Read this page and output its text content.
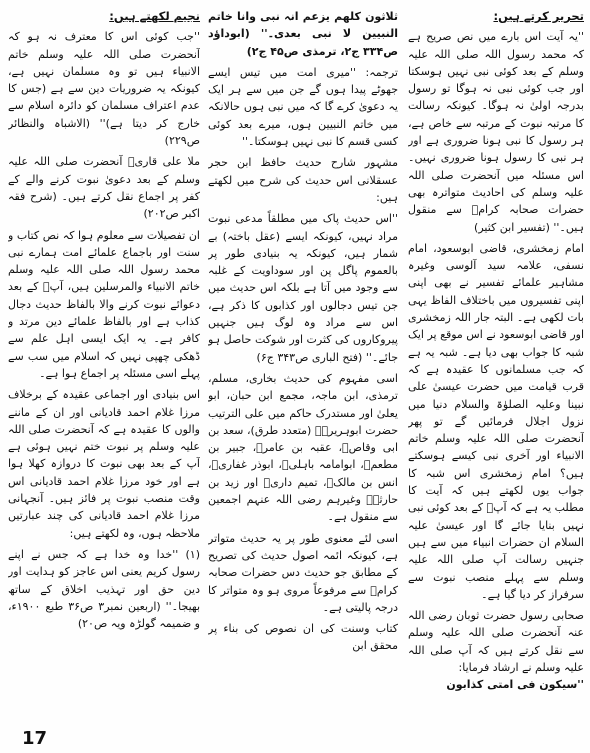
تحریر کرتے ہیں:

''یہ آیت اس بارے میں نص صریح ہے کہ محمد رسول اللہ صلی اللہ علیہ وسلم کے بعد کوئی نبی نہیں ہوسکتا اور جب کوئی نبی نہ ہوگا تو رسول بدرجہ اولیٰ نہ ہوگا۔ کیونکہ رسالت کا مرتبہ نبوت کے مرتبہ سے خاص ہے، ہر رسول کا نبی ہونا ضروری ہے اور ہر نبی کا رسول ہونا ضروری نہیں۔ اس مسئلہ میں آنحضرت صلی اللہ علیہ وسلم کی احادیث متواترہ بھی حضرات صحابہ کرامؓ سے منقول ہیں۔'' (تفسیر ابن کثیر)

امام زمخشری، قاضی ابوسعود، امام نسفی، علامہ سید آلوسی وغیرہ مشاہیر علمائے تفسیر نے بھی اپنی اپنی تفسیروں میں باختلاف الفاظ یہی بات لکھی ہے۔ البتہ جار اللہ زمخشری اور قاضی ابوسعود نے اس موقع پر ایک شبہ کا جواب بھی دیا ہے۔ شبہ یہ ہے کہ جب مسلمانوں کا عقیدہ ہے کہ قرب قیامت میں حضرت عیسیٰ علی نبینا وعلیہ الصلوٰۃ والسلام دنیا میں نزول اجلال فرمائیں گے تو پھر آنحضرت صلی اللہ علیہ وسلم خاتم الانبیاء اور آخری نبی کیسے ہوسکتے ہیں؟ امام زمخشری اس شبہ کا جواب یوں لکھتے ہیں کہ آیت کا مطلب یہ ہے کہ آپؐ کے بعد کوئی نبی نہیں بنایا جائے گا اور عیسیٰ علیہ السلام ان حضرات انبیاء میں سے ہیں جنہیں رسالت آپ صلی اللہ علیہ وسلم سے پہلے منصب نبوت سے سرفراز کر دیا گیا ہے۔

صحابی رسول حضرت ثوبان رضی اللہ عنہ آنحضرت صلی اللہ علیہ وسلم سے نقل کرتے ہیں کہ آپ صلی اللہ علیہ وسلم نے ارشاد فرمایا:

''سیکون فی امتی کذابون

ثلاثون کلھم یزعم انہ نبی وانا خاتم النبیین لا نبی بعدی۔'' (ابوداؤد ص۳۳۴ ج۲، ترمذی ص۴۵ ج۲)

ترجمہ: ''میری امت میں تیس ایسے جھوٹے پیدا ہوں گے جن میں سے ہر ایک یہ دعویٰ کرے گا کہ میں نبی ہوں حالانکہ میں خاتم النبیین ہوں، میرے بعد کوئی کسی قسم کا نبی نہیں ہوسکتا۔''

مشہور شارح حدیث حافظ ابن حجر عسقلانی اس حدیث کی شرح میں لکھتے ہیں:

''اس حدیث پاک میں مطلقاً مدعی نبوت مراد نہیں، کیونکہ ایسے (عقل باختہ) بے شمار ہیں، کیونکہ یہ بنیادی طور پر بالعموم پاگل پن اور سوداویت کے غلبہ سے وجود میں آتا ہے بلکہ اس حدیث میں جن تیس دجالوں اور کذابوں کا ذکر ہے، اس سے مراد وہ لوگ ہیں جنہیں پیروکاروں کی کثرت اور شوکت حاصل ہو جائے۔'' (فتح الباری ص۳۴۳ ج۶)

اسی مفہوم کی حدیث بخاری، مسلم، ترمذی، ابن ماجہ، مجمع ابن حبان، ابو یعلیٰ اور مستدرک حاکم میں علی الترتیب حضرت ابوہریرہؓ (متعدد طرق)، سعد بن ابی وقاصؓ، عقبہ بن عامرؓ، جبیر بن مطعمؓ، ابوامامہ باہلیؓ، ابوذر غفاریؓ، انس بن مالکؓ، تمیم داریؓ اور زید بن حارثہؓ وغیرہم رضی اللہ عنہم اجمعین سے منقول ہے۔

اسی لئے معنوی طور پر یہ حدیث متواتر ہے، کیونکہ ائمہ اصول حدیث کی تصریح کے مطابق جو حدیث دس حضرات صحابہ کرامؓ سے مرفوعاً مروی ہو وہ متواتر کا درجہ پالیتی ہے۔

کتاب وسنت کی ان نصوص کی بناء پر محقق ابن

نجیم لکھتے ہیں:

''جب کوئی اس کا معترف نہ ہو کہ آنحضرت صلی اللہ علیہ وسلم خاتم الانبیاء ہیں تو وہ مسلمان نہیں ہے، کیونکہ یہ ضروریات دین سے ہے (جس کا عدم اعتراف مسلمان کو دائرہ اسلام سے خارج کر دیتا ہے)'' (الاشباہ والنظائر ص۲۲۹)

ملا علی قاریؒ آنحضرت صلی اللہ علیہ وسلم کے بعد دعویٰ نبوت کرنے والے کے کفر پر اجماع نقل کرتے ہیں۔ (شرح فقہ اکبر ص۲۰۲)

ان تفصیلات سے معلوم ہوا کہ نص کتاب و سنت اور باجماع علمائے امت ہمارے نبی محمد رسول اللہ صلی اللہ علیہ وسلم خاتم الانبیاء والمرسلین ہیں، آپؐ کے بعد دعوائے نبوت کرنے والا بالفاظ حدیث دجال کذاب ہے اور بالفاظ علمائے دین مرتد و کافر ہے۔ یہ ایک ایسی اہل علم سے ڈھکی چھپی نہیں کہ اسلام میں سب سے پہلے اسی مسئلہ پر اجماع ہوا ہے۔

اس بنیادی اور اجماعی عقیدہ کے برخلاف مرزا غلام احمد قادیانی اور ان کے ماننے والوں کا عقیدہ ہے کہ آنحضرت صلی اللہ علیہ وسلم پر نبوت ختم نہیں ہوئی ہے آپ کے بعد بھی نبوت کا دروازہ کھلا ہوا ہے اور خود مرزا غلام احمد قادیانی اس وقت منصب نبوت پر فائز ہیں۔ آنجہانی مرزا غلام احمد قادیانی کی چند عبارتیں ملاحظہ ہوں، وہ لکھتے ہیں:

(۱) ''خدا وہ خدا ہے کہ جس نے اپنے رسول کریم یعنی اس عاجز کو ہدایت اور دین حق اور تہذیب اخلاق کے ساتھ بھیجا۔'' (اربعین نمبر۳ ص۳۶ طبع ۱۹۰۰ء، و ضمیمہ گولڑہ ویہ ص۲۰)

17
